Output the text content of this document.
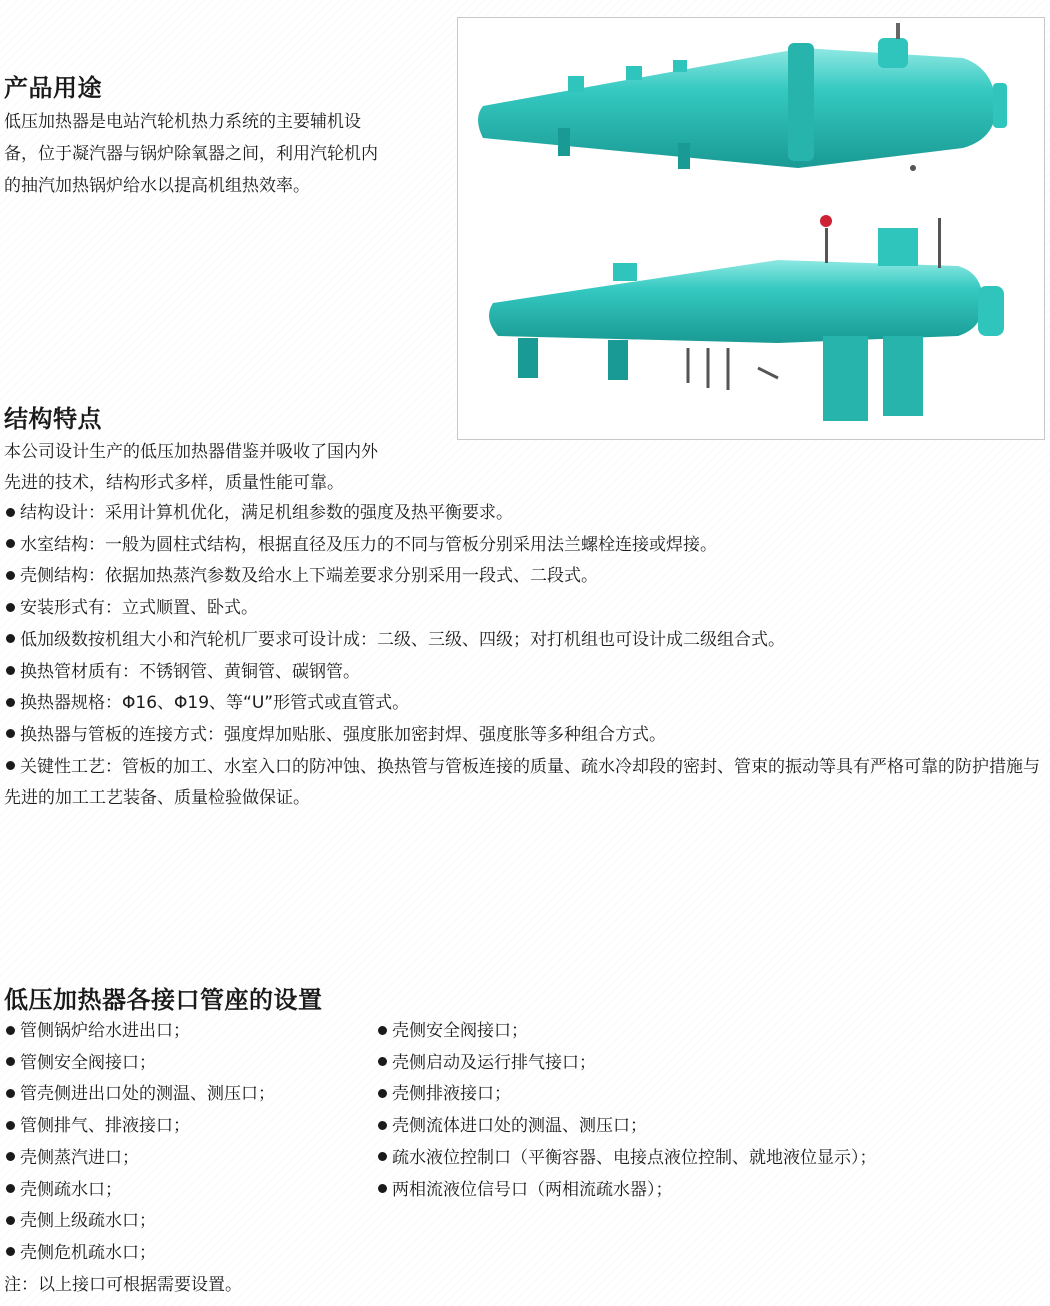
产品用途

低压加热器是电站汽轮机热力系统的主要辅机设

备，位于凝汽器与锅炉除氧器之间，利用汽轮机内

的抽汽加热锅炉给水以提高机组热效率。

结构特点

本公司设计生产的低压加热器借鉴并吸收了国内外

先进的技术，结构形式多样，质量性能可靠。

结构设计：采用计算机优化，满足机组参数的强度及热平衡要求。
水室结构：一般为圆柱式结构，根据直径及压力的不同与管板分别采用法兰螺栓连接或焊接。
壳侧结构：依据加热蒸汽参数及给水上下端差要求分别采用一段式、二段式。
安装形式有：立式顺置、卧式。
低加级数按机组大小和汽轮机厂要求可设计成：二级、三级、四级；对打机组也可设计成二级组合式。
换热管材质有：不锈钢管、黄铜管、碳钢管。
换热器规格：Φ16、Φ19、等“U”形管式或直管式。
换热器与管板的连接方式：强度焊加贴胀、强度胀加密封焊、强度胀等多种组合方式。
关键性工艺：管板的加工、水室入口的防冲蚀、换热管与管板连接的质量、疏水冷却段的密封、管束的振动等具有严格可靠的防护措施与先进的加工工艺装备、质量检验做保证。
低压加热器各接口管座的设置
管侧锅炉给水进出口；
管侧安全阀接口；
管壳侧进出口处的测温、测压口；
管侧排气、排液接口；
壳侧蒸汽进口；
壳侧疏水口；
壳侧上级疏水口；
壳侧危机疏水口；
注：以上接口可根据需要设置。
壳侧安全阀接口；
壳侧启动及运行排气接口；
壳侧排液接口；
壳侧流体进口处的测温、测压口；
疏水液位控制口（平衡容器、电接点液位控制、就地液位显示）；
两相流液位信号口（两相流疏水器）；
